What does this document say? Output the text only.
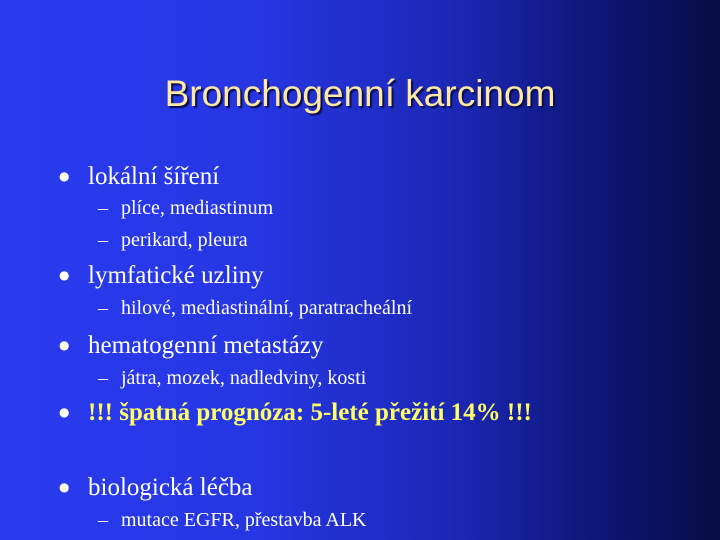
Bronchogenní karcinom
● lokální šíření
– plíce, mediastinum
– perikard, pleura
● lymfatické uzliny
– hilové, mediastinální, paratracheální
● hematogenní metastázy
– játra, mozek, nadledviny, kosti
● !!! špatná prognóza: 5-leté přežití 14% !!!
● biologická léčba
– mutace EGFR, přestavba ALK
